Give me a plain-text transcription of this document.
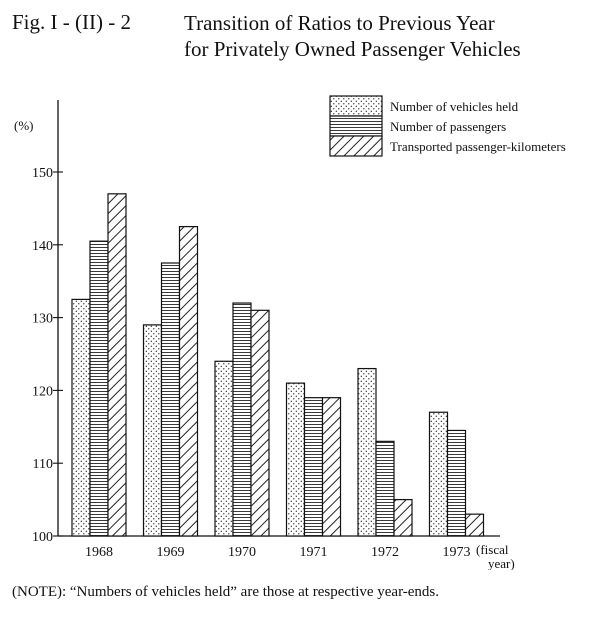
Fig. I - (II) - 2	Transition of Ratios to Previous Year
for Privately Owned Passenger Vehicles
(%)
100
110
120
130
140
150
1968	1969	1970	1971	1972	1973 (fiscal
year)
Number of vehicles held
Number of passengers
Transported passenger-kilometers
(NOTE): “Numbers of vehicles held” are those at respective year-ends.
